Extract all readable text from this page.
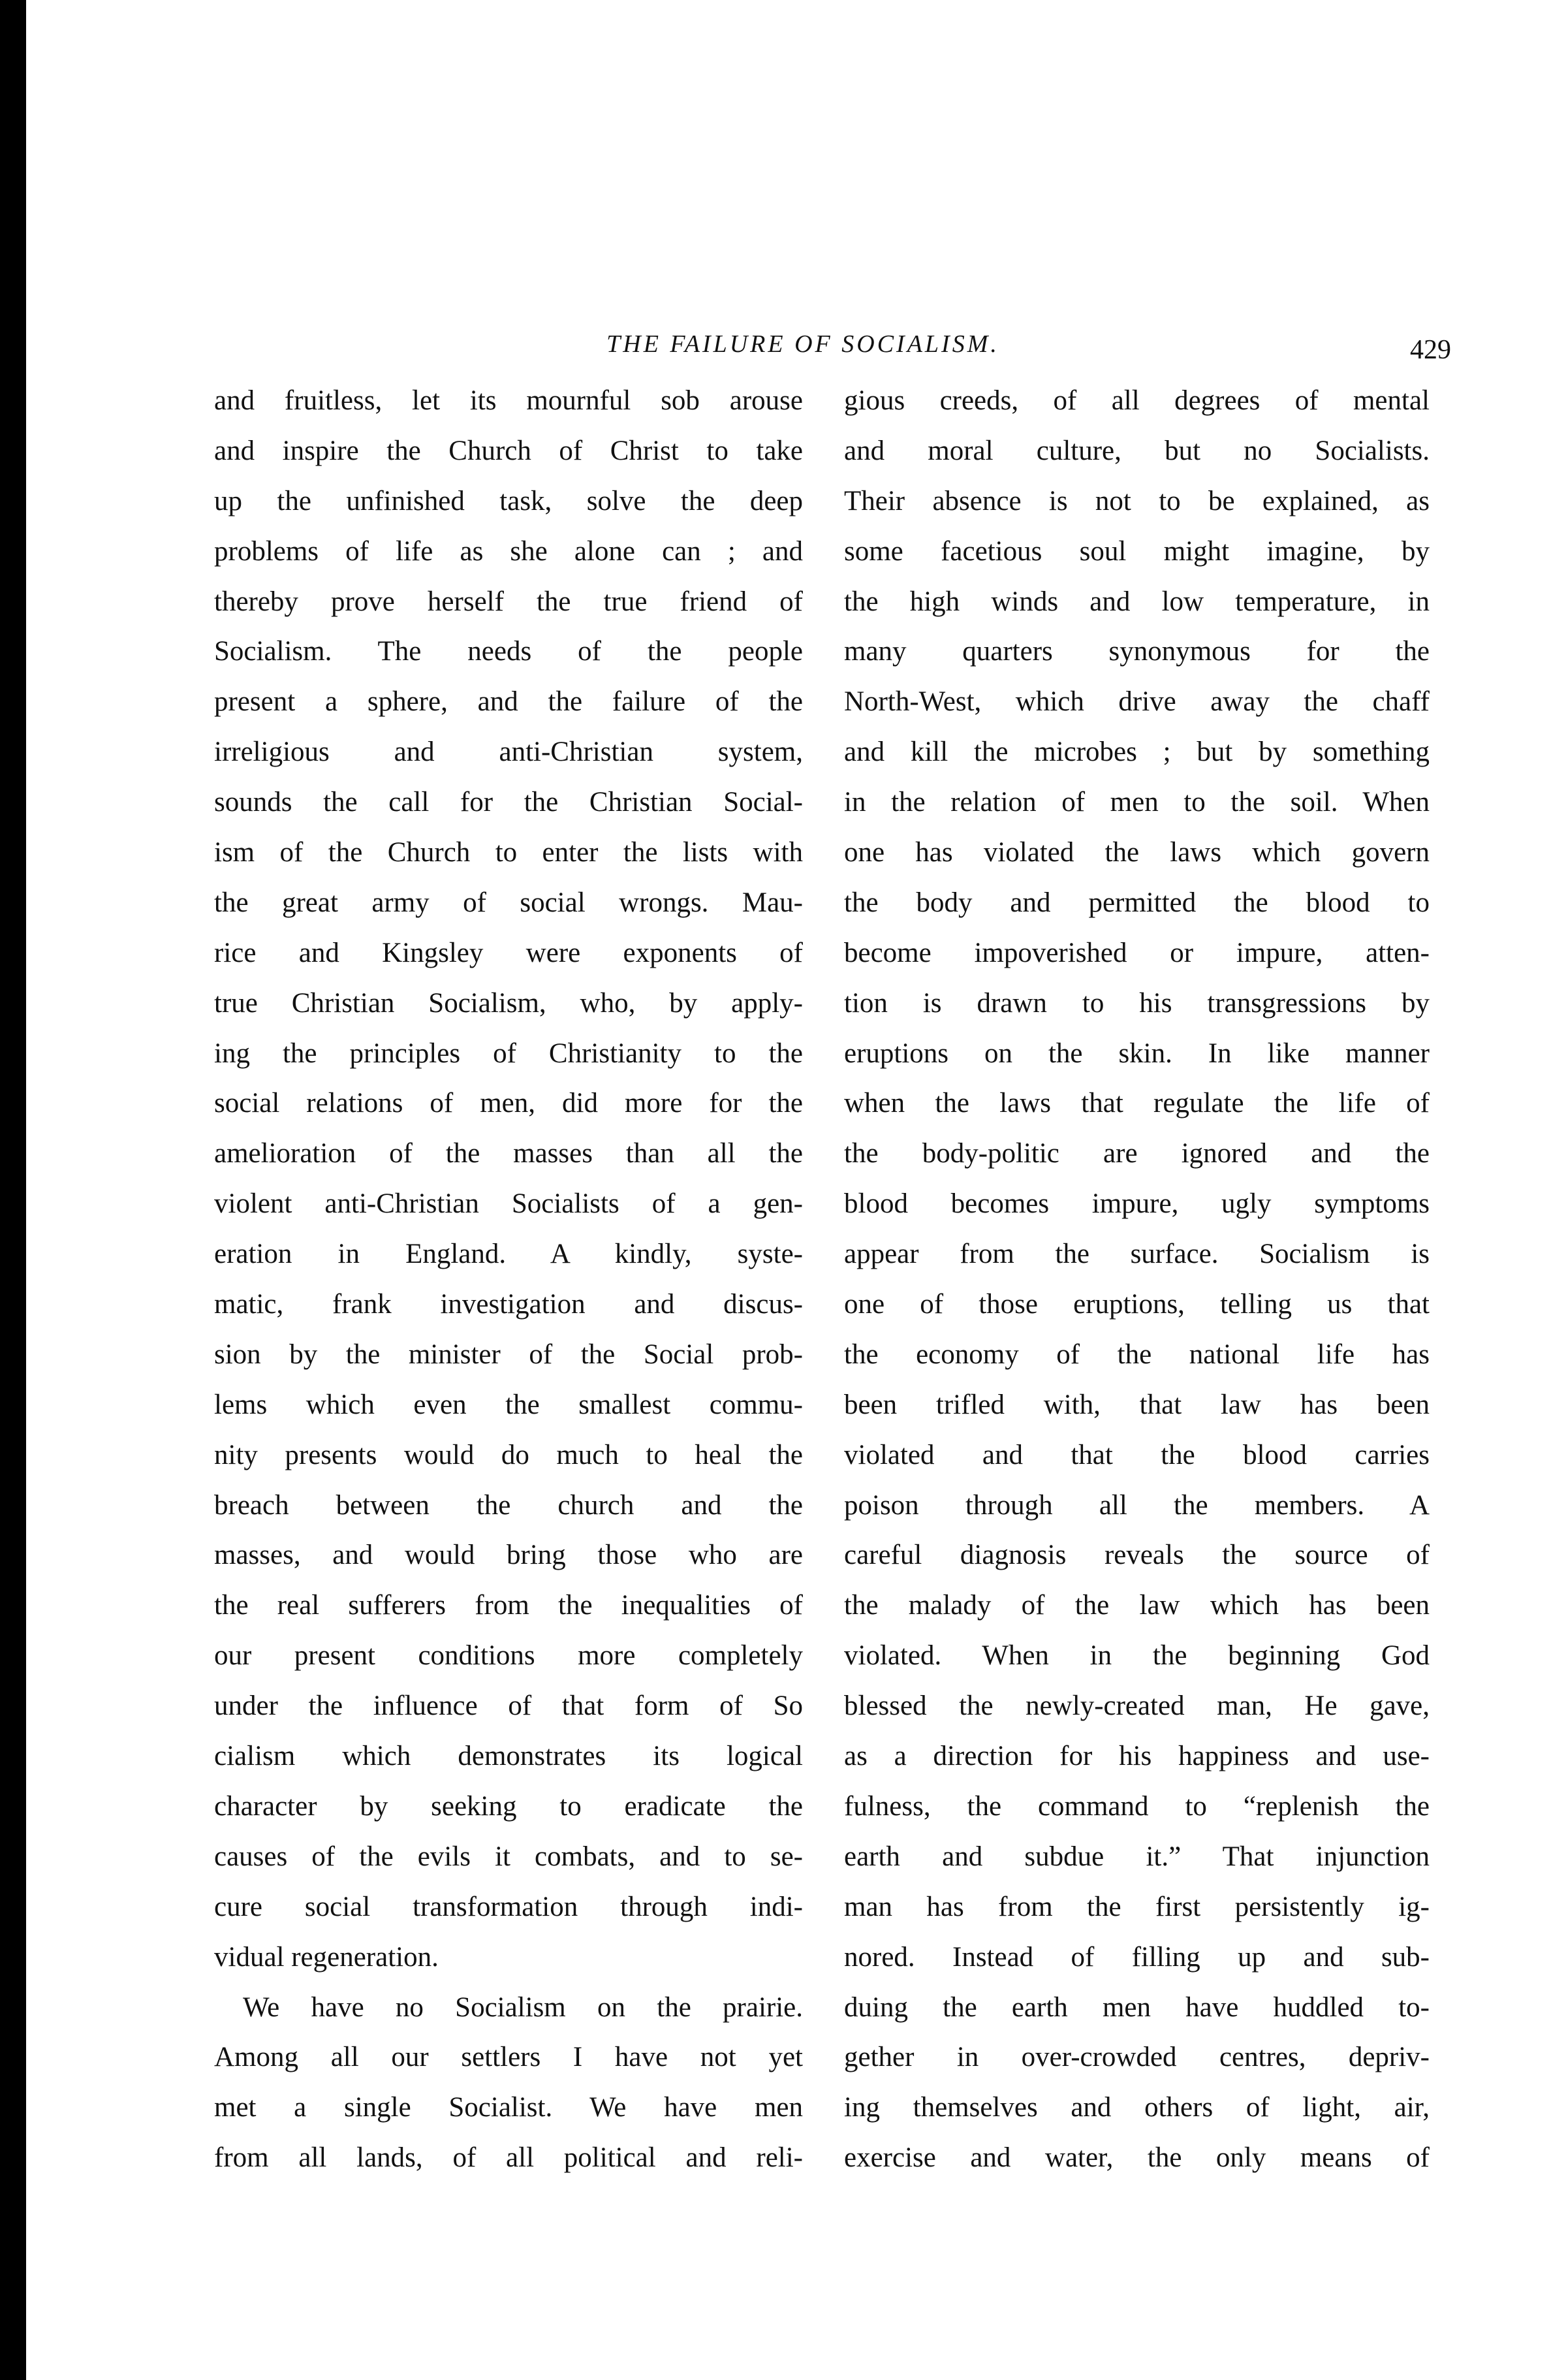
THE FAILURE OF SOCIALISM.	429
and fruitless, let its mournful sob arouse
and inspire the Church of Christ to take
up the unfinished task, solve the deep
problems of life as she alone can ; and
thereby prove herself the true friend of
Socialism. The needs of the people
present a sphere, and the failure of the
irreligious and anti-Christian system,
sounds the call for the Christian Social-
ism of the Church to enter the lists with
the great army of social wrongs. Mau-
rice and Kingsley were exponents of
true Christian Socialism, who, by apply-
ing the principles of Christianity to the
social relations of men, did more for the
amelioration of the masses than all the
violent anti-Christian Socialists of a gen-
eration in England. A kindly, syste-
matic, frank investigation and discus-
sion by the minister of the Social prob-
lems which even the smallest commu-
nity presents would do much to heal the
breach between the church and the
masses, and would bring those who are
the real sufferers from the inequalities of
our present conditions more completely
under the influence of that form of So
cialism which demonstrates its logical
character by seeking to eradicate the
causes of the evils it combats, and to se-
cure social transformation through indi-
vidual regeneration.
We have no Socialism on the prairie.
Among all our settlers I have not yet
met a single Socialist. We have men
from all lands, of all political and reli-
gious creeds, of all degrees of mental
and moral culture, but no Socialists.
Their absence is not to be explained, as
some facetious soul might imagine, by
the high winds and low temperature, in
many quarters synonymous for the
North-West, which drive away the chaff
and kill the microbes ; but by something
in the relation of men to the soil. When
one has violated the laws which govern
the body and permitted the blood to
become impoverished or impure, atten-
tion is drawn to his transgressions by
eruptions on the skin. In like manner
when the laws that regulate the life of
the body-politic are ignored and the
blood becomes impure, ugly symptoms
appear from the surface. Socialism is
one of those eruptions, telling us that
the economy of the national life has
been trifled with, that law has been
violated and that the blood carries
poison through all the members. A
careful diagnosis reveals the source of
the malady of the law which has been
violated. When in the beginning God
blessed the newly-created man, He gave,
as a direction for his happiness and use-
fulness, the command to “replenish the
earth and subdue it.” That injunction
man has from the first persistently ig-
nored. Instead of filling up and sub-
duing the earth men have huddled to-
gether in over-crowded centres, depriv-
ing themselves and others of light, air,
exercise and water, the only means of
